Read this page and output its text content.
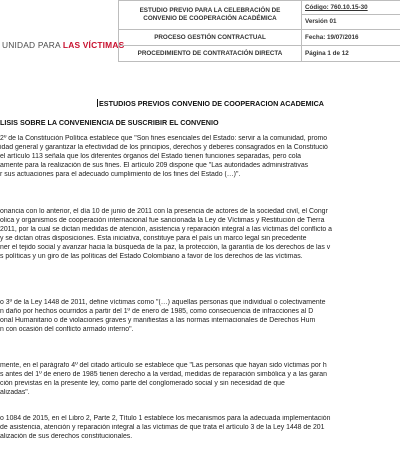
UNIDAD PARA LAS VÍCTIMAS
ESTUDIO PREVIO PARA LA CELEBRACIÓN DE CONVENIO DE COOPERACIÓN ACADÉMICA	Código: 760.10.15-30
Versión 01

PROCESO GESTIÓN CONTRACTUAL	Fecha: 19/07/2016
PROCEDIMIENTO DE CONTRATACIÓN DIRECTA	Página 1 de 12
ESTUDIOS PREVIOS CONVENIO DE COOPERACION ACADEMICA
LISIS SOBRE LA CONVENIENCIA DE SUSCRIBIR EL CONVENIO
2º de la Constitución Política establece que "Son fines esenciales del Estado: servir a la comunidad, promo
idad general y garantizar la efectividad de los principios, derechos y deberes consagrados en la Constitució
el artículo 113 señala que los diferentes órganos del Estado tienen funciones separadas, pero cola
amente para la realización de sus fines. El artículo 209 dispone que "Las autoridades administrativas
r sus actuaciones para el adecuado cumplimiento de los fines del Estado (…)".
onancia con lo anterior, el día 10 de junio de 2011 con la presencia de actores de la sociedad civil, el Congr
olica y organismos de cooperación internacional fue sancionada la Ley de Víctimas y Restitución de Tierra
2011, por la cual se dictan medidas de atención, asistencia y reparación integral a las víctimas del conflicto a
y se dictan otras disposiciones. Esta iniciativa, constituye para el país un marco legal sin precedente
ner el tejido social y avanzar hacia la búsqueda de la paz, la protección, la garantía de los derechos de las v
s políticas y un giro de las políticas del Estado Colombiano a favor de los derechos de las víctimas.
o 3º de la Ley 1448 de 2011, define víctimas como "(…) aquellas personas que individual o colectivamente
n daño por hechos ocurridos a partir del 1º de enero de 1985, como consecuencia de infracciones al D
onal Humanitario o de violaciones graves y manifiestas a las normas internacionales de Derechos Hum
n con ocasión del conflicto armado interno".
mente, en el parágrafo 4º del citado artículo se establece que "Las personas que hayan sido víctimas por h
s antes del 1º de enero de 1985 tienen derecho a la verdad, medidas de reparación simbólica y a las garan
ción previstas en la presente ley, como parte del conglomerado social y sin necesidad de que
alizadas".
o 1084 de 2015, en el Libro 2, Parte 2, Título 1 establece los mecanismos para la adecuada implementación
de asistencia, atención y reparación integral a las víctimas de que trata el artículo 3 de la Ley 1448 de 201
alización de sus derechos constitucionales.
